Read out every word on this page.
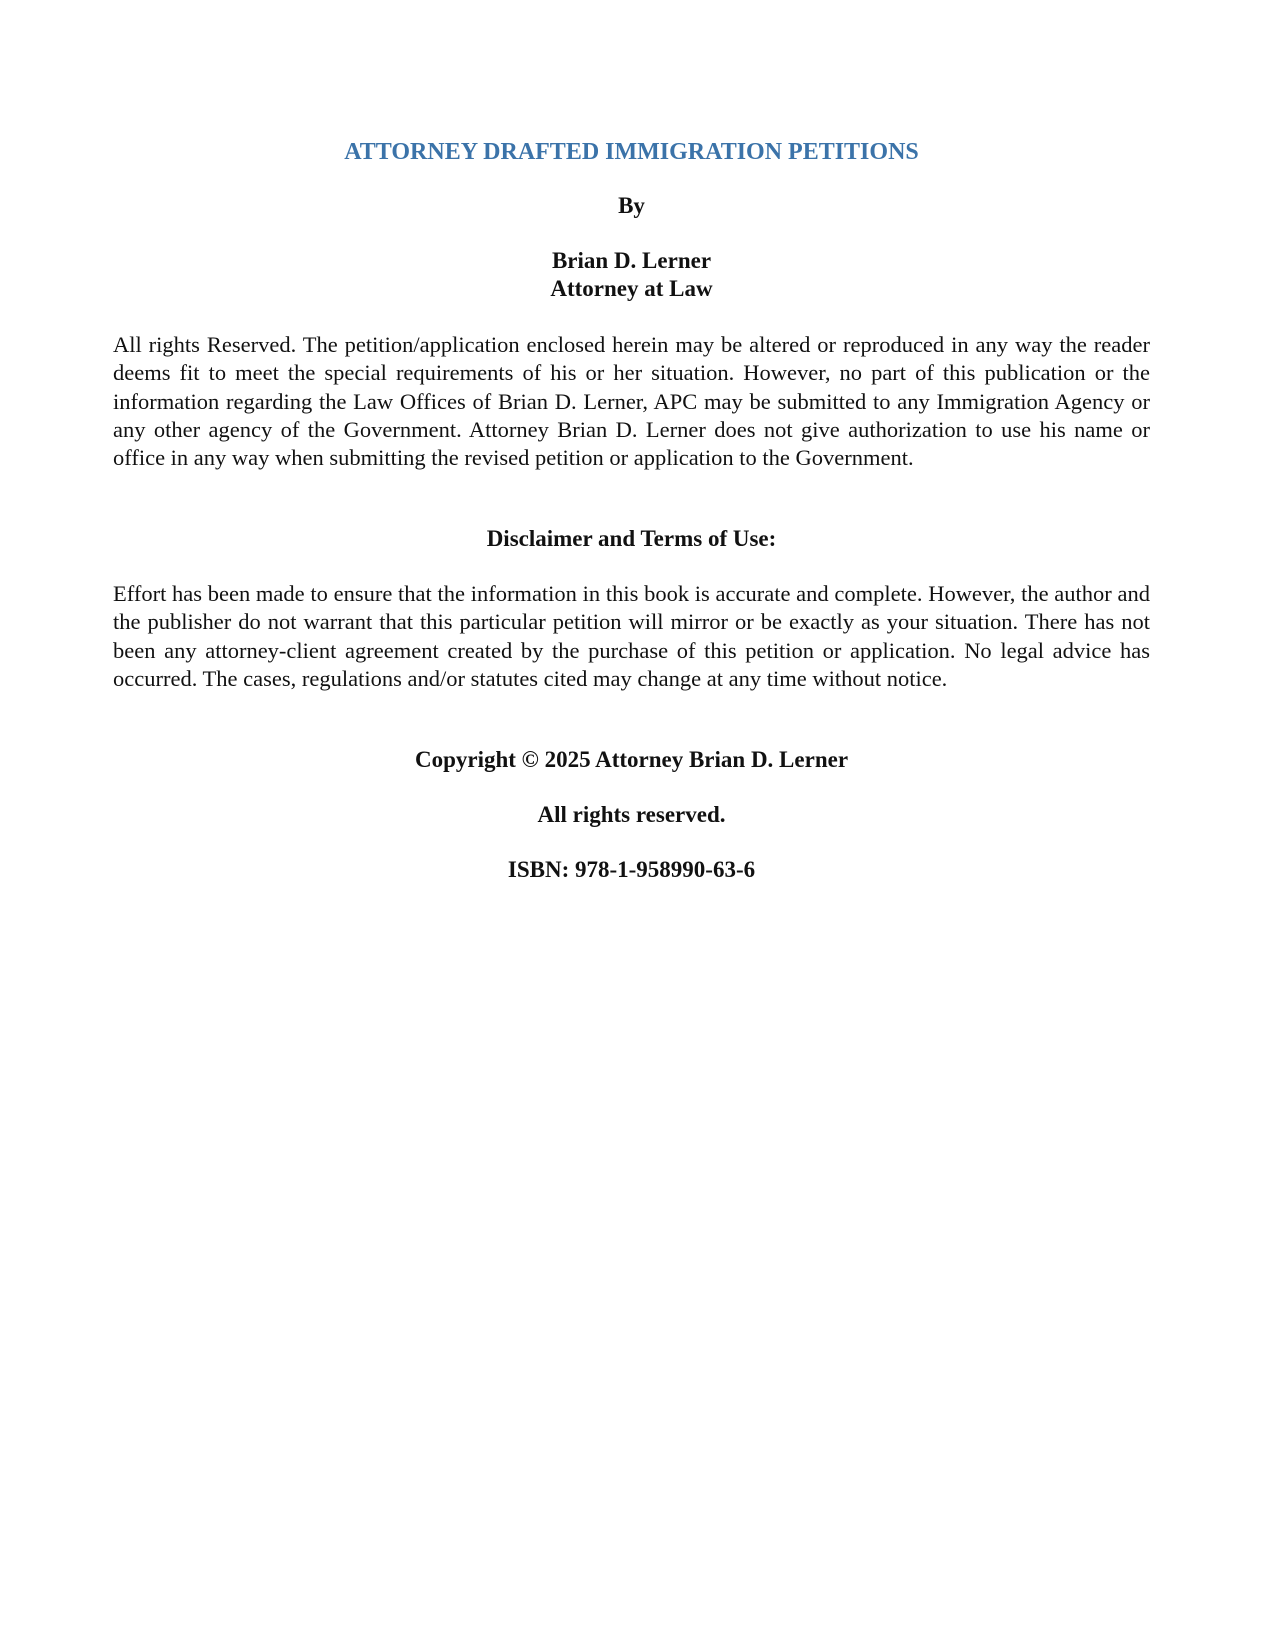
ATTORNEY DRAFTED IMMIGRATION PETITIONS

By

Brian D. Lerner

Attorney at Law

All rights Reserved. The petition/application enclosed herein may be altered or reproduced in any way the reader deems fit to meet the special requirements of his or her situation. However, no part of this publication or the information regarding the Law Offices of Brian D. Lerner, APC may be submitted to any Immigration Agency or any other agency of the Government. Attorney Brian D. Lerner does not give authorization to use his name or office in any way when submitting the revised petition or application to the Government.

Disclaimer and Terms of Use:

Effort has been made to ensure that the information in this book is accurate and complete. However, the author and the publisher do not warrant that this particular petition will mirror or be exactly as your situation. There has not been any attorney-client agreement created by the purchase of this petition or application. No legal advice has occurred. The cases, regulations and/or statutes cited may change at any time without notice.

Copyright © 2025 Attorney Brian D. Lerner

All rights reserved.

ISBN: 978-1-958990-63-6
